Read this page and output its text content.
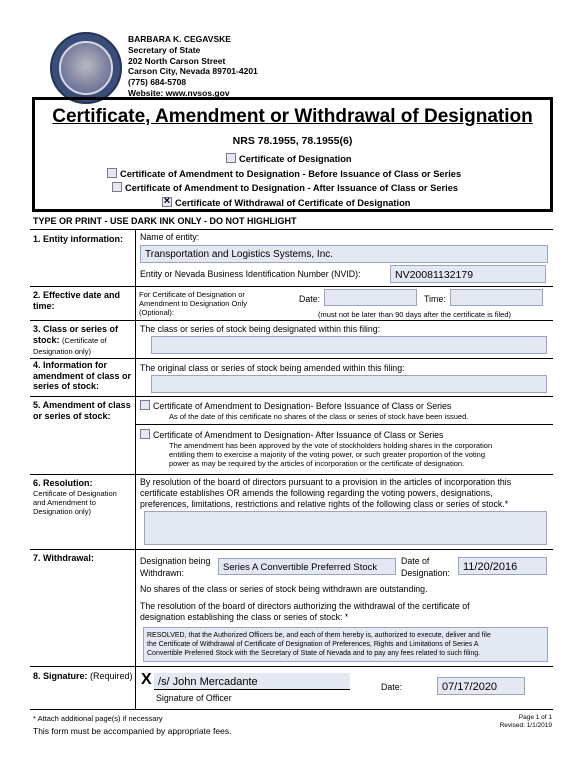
BARBARA K. CEGAVSKE
Secretary of State
202 North Carson Street
Carson City, Nevada 89701-4201
(775) 684-5708
Website: www.nvsos.gov
Certificate, Amendment or Withdrawal of Designation
NRS 78.1955, 78.1955(6)
Certificate of Designation
Certificate of Amendment to Designation - Before Issuance of Class or Series
Certificate of Amendment to Designation - After Issuance of Class or Series
×Certificate of Withdrawal of Certificate of Designation
TYPE OR PRINT - USE DARK INK ONLY - DO NOT HIGHLIGHT
1. Entity information: Name of entity:
Transportation and Logistics Systems, Inc.
Entity or Nevada Business Identification Number (NVID):	NV20081132179
2. Effective date and time:
For Certificate of Designation or
Amendment to Designation Only
(Optional):
Date:	Time:
(must not be later than 90 days after the certificate is filed)
3. Class or series of stock: (Certificate of Designation only)
The class or series of stock being designated within this filing:
4. Information for amendment of class or series of stock:
The original class or series of stock being amended within this filing:
5. Amendment of class or series of stock:
Certificate of Amendment to Designation- Before Issuance of Class or Series
As of the date of this certificate no shares of the class or series of stock have been issued.
Certificate of Amendment to Designation- After Issuance of Class or Series
The amendment has been approved by the vote of stockholders holding shares in the corporation
entitling them to exercise a majority of the voting power, or such greater proportion of the voting
power as may be required by the articles of incorporation or the certificate of designation.
6. Resolution:
Certificate of Designation
and Amendment to
Designation only)
By resolution of the board of directors pursuant to a provision in the articles of incorporation this
certificate establishes OR amends the following regarding the voting powers, designations,
preferences, limitations, restrictions and relative rights of the following class or series of stock.*
7. Withdrawal:	Designation being
Withdrawn:	Series A Convertible Preferred Stock
Date of
Designation:	11/20/2016
No shares of the class or series of stock being withdrawn are outstanding.
The resolution of the board of directors authorizing the withdrawal of the certificate of
designation establishing the class or series of stock: *
RESOLVED, that the Authorized Officers be, and each of them hereby is, authorized to execute, deliver and file
the Certificate of Withdrawal of Certificate of Designation of Preferences, Rights and Limitations of Series A
Convertible Preferred Stock with the Secretary of State of Nevada and to pay any fees related to such filing.
8. Signature: (Required) X /s/ John Mercadante
Signature of Officer
Date:	07/17/2020
* Attach additional page(s) if necessary
This form must be accompanied by appropriate fees.
Page 1 of 1
Revised: 1/1/2019
